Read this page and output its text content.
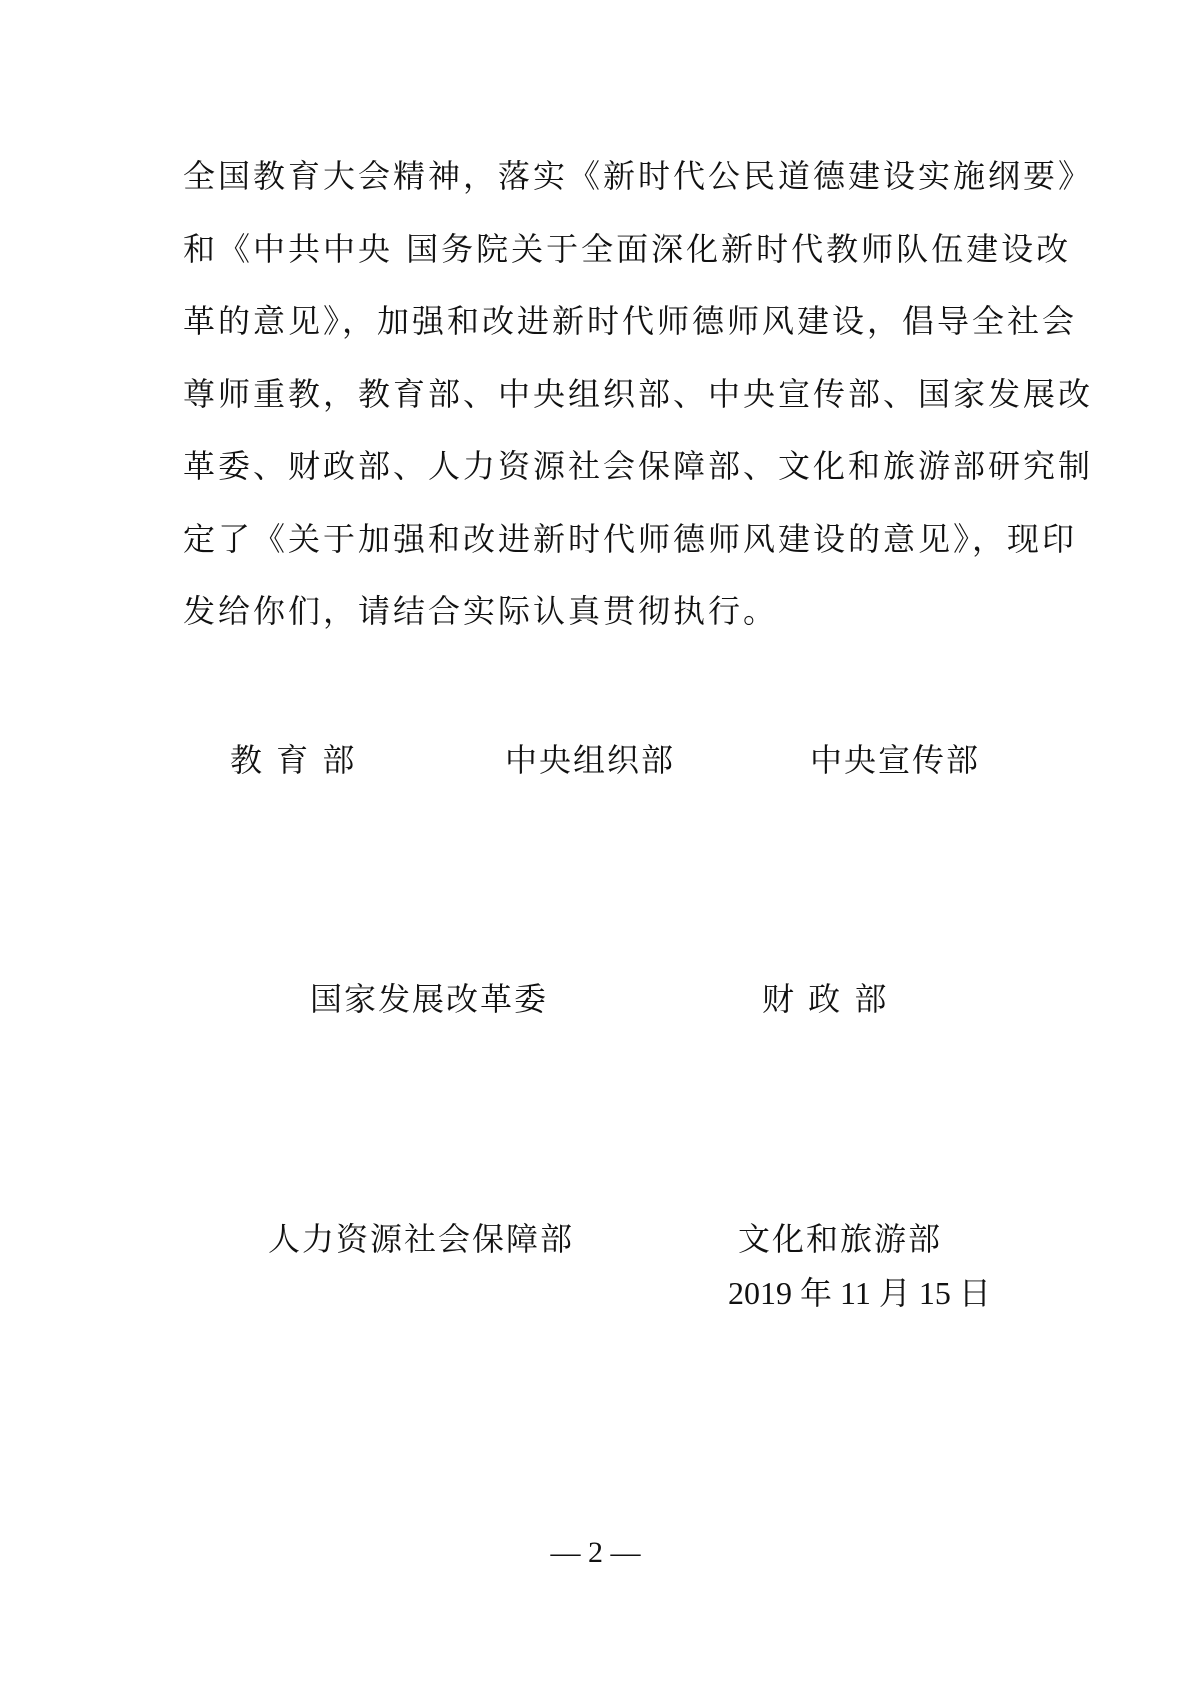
全国教育大会精神，落实《新时代公民道德建设实施纲要》
和《中共中央 国务院关于全面深化新时代教师队伍建设改
革的意见》，加强和改进新时代师德师风建设，倡导全社会
尊师重教，教育部、中央组织部、中央宣传部、国家发展改
革委、财政部、人力资源社会保障部、文化和旅游部研究制
定了《关于加强和改进新时代师德师风建设的意见》，现印
发给你们，请结合实际认真贯彻执行。
教 育 部	中央组织部	中央宣传部
国家发展改革委	财 政 部
人力资源社会保障部	文化和旅游部
2019 年 11 月 15 日
— 2 —
